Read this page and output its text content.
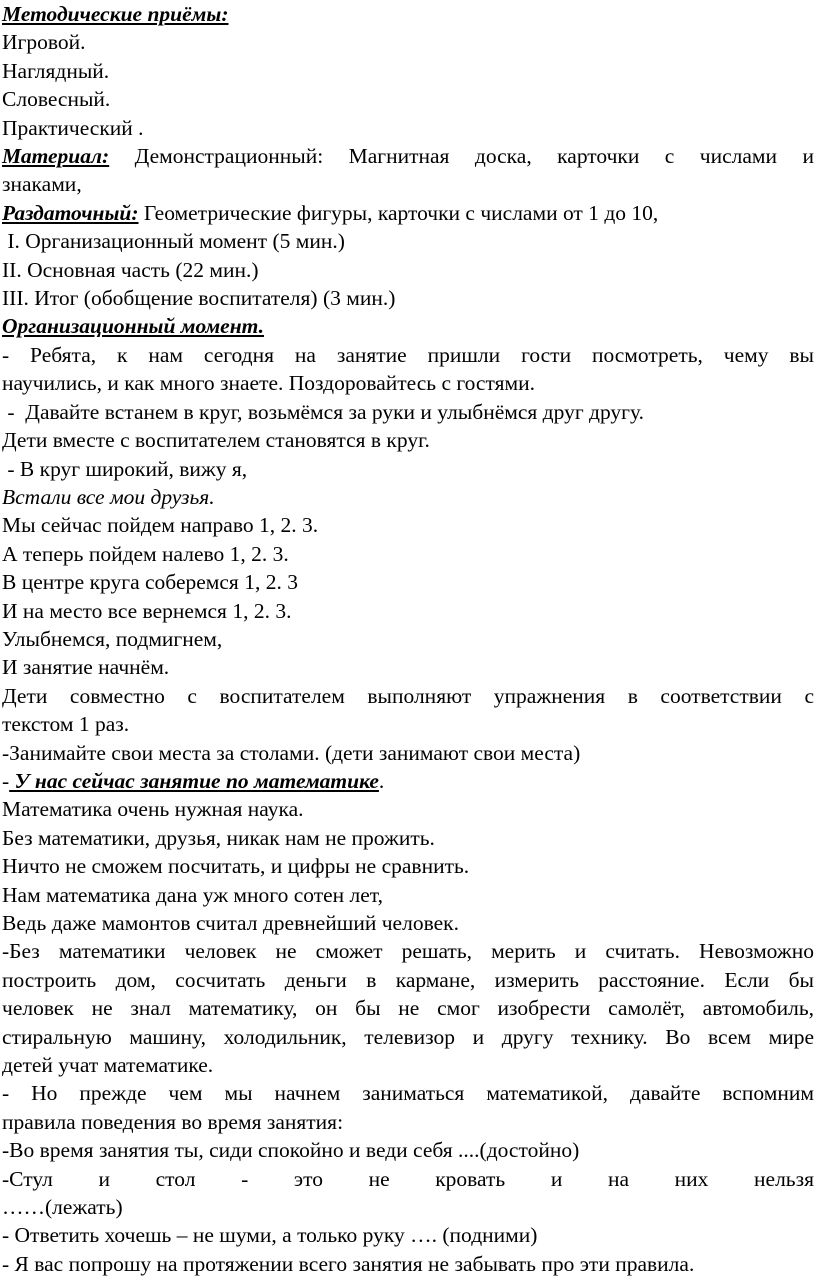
Методические приёмы:

Игровой.

Наглядный.

Словесный.

Практический .

Материал: Демонстрационный: Магнитная доска, карточки с числами и

знаками,

Раздаточный: Геометрические фигуры, карточки с числами от 1 до 10,

I. Организационный момент (5 мин.)

II. Основная часть (22 мин.)

III. Итог (обобщение воспитателя) (3 мин.)

Организационный момент.

- Ребята, к нам сегодня на занятие пришли гости посмотреть, чему вы

научились, и как много знаете. Поздоровайтесь с гостями.

-  Давайте встанем в круг, возьмёмся за руки и улыбнёмся друг другу.

Дети вместе с воспитателем становятся в круг.

- В круг широкий, вижу я,

Встали все мои друзья.

Мы сейчас пойдем направо 1, 2. 3.

А теперь пойдем налево 1, 2. 3.

В центре круга соберемся 1, 2. 3

И на место все вернемся 1, 2. 3.

Улыбнемся, подмигнем,

И занятие начнём.

Дети совместно с воспитателем выполняют упражнения в соответствии с

текстом 1 раз.

-Занимайте свои места за столами. (дети занимают свои места)

- У нас сейчас занятие по математике.

Математика очень нужная наука.

Без математики, друзья, никак нам не прожить.

Ничто не сможем посчитать, и цифры не сравнить.

Нам математика дана уж много сотен лет,

Ведь даже мамонтов считал древнейший человек.

-Без математики человек не сможет решать, мерить и считать. Невозможно

построить дом, сосчитать деньги в кармане, измерить расстояние. Если бы

человек не знал математику, он бы не смог изобрести самолёт, автомобиль,

стиральную машину, холодильник, телевизор и другу технику. Во всем мире

детей учат математике.

- Но прежде чем мы начнем заниматься математикой, давайте вспомним

правила поведения во время занятия:

-Во время занятия ты, сиди спокойно и веди себя ....(достойно)

-Стул и стол - это не кровать и на них нельзя

……(лежать)

- Ответить хочешь – не шуми, а только руку …. (подними)

- Я вас попрошу на протяжении всего занятия не забывать про эти правила.
